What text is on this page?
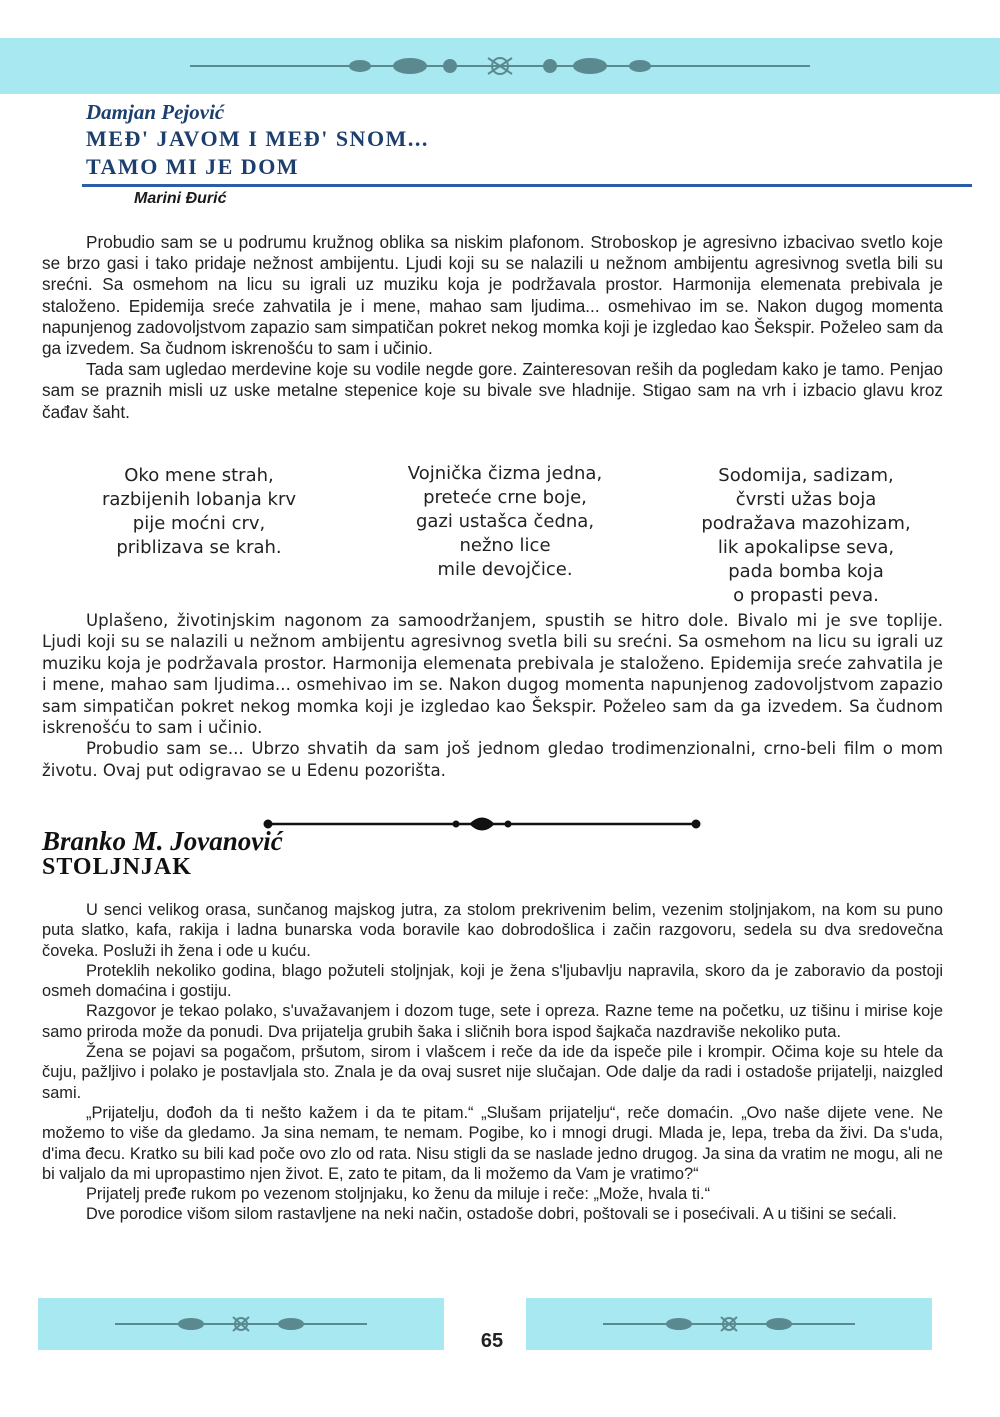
Damjan Pejović
MEĐ' JAVOM I MEĐ' SNOM...
TAMO MI JE DOM

Marini Đurić

Probudio sam se u podrumu kružnog oblika sa niskim plafonom. Stroboskop je agresivno izbacivao svetlo koje se brzo gasi i tako pridaje nežnost ambijentu. Ljudi koji su se nalazili u nežnom ambijentu agresivnog svetla bili su srećni. Sa osmehom na licu su igrali uz muziku koja je podržavala prostor. Harmonija elemenata prebivala je staloženo. Epidemija sreće zahvatila je i mene, mahao sam ljudima... osmehivao im se. Nakon dugog momenta napunjenog zadovoljstvom zapazio sam simpatičan pokret nekog momka koji je izgledao kao Šekspir. Poželeo sam da ga izvedem. Sa čudnom iskrenošću to sam i učinio.

Tada sam ugledao merdevine koje su vodile negde gore. Zainteresovan reših da pogledam kako je tamo. Penjao sam se praznih misli uz uske metalne stepenice koje su bivale sve hladnije. Stigao sam na vrh i izbacio glavu kroz čađav šaht.

Oko mene strah,
razbijenih lobanja krv
pije moćni crv,
priblizava se krah.
Vojnička čizma jedna,
preteće crne boje,
gazi ustašca čedna,
nežno lice
mile devojčice.
Sodomija, sadizam,
čvrsti užas boja
podražava mazohizam,
lik apokalipse seva,
pada bomba koja
o propasti peva.

Uplašeno, životinjskim nagonom za samoodržanjem, spustih se hitro dole. Bivalo mi je sve toplije. Ljudi koji su se nalazili u nežnom ambijentu agresivnog svetla bili su srećni. Sa osmehom na licu su igrali uz muziku koja je podržavala prostor. Harmonija elemenata prebivala je staloženo. Epidemija sreće zahvatila je i mene, mahao sam ljudima... osmehivao im se. Nakon dugog momenta napunjenog zadovoljstvom zapazio sam simpatičan pokret nekog momka koji je izgledao kao Šekspir. Poželeo sam da ga izvedem. Sa čudnom iskrenošću to sam i učinio.

Probudio sam se... Ubrzo shvatih da sam još jednom gledao trodimenzionalni, crno-beli film o mom životu. Ovaj put odigravao se u Edenu pozorišta.

Branko M. Jovanović
STOLJNJAK

U senci velikog orasa, sunčanog majskog jutra, za stolom prekrivenim belim, vezenim stoljnjakom, na kom su puno puta slatko, kafa, rakija i ladna bunarska voda boravile kao dobrodošlica i začin razgovoru, sedela su dva sredovečna čoveka. Posluži ih žena i ode u kuću.

Proteklih nekoliko godina, blago požuteli stoljnjak, koji je žena s'ljubavlju napravila, skoro da je zaboravio da postoji osmeh domaćina i gostiju.

Razgovor je tekao polako, s'uvažavanjem i dozom tuge, sete i opreza. Razne teme na početku, uz tišinu i mirise koje samo priroda može da ponudi. Dva prijatelja grubih šaka i sličnih bora ispod šajkača nazdraviše nekoliko puta.

Žena se pojavi sa pogačom, pršutom, sirom i vlašcem i reče da ide da ispeče pile i krompir. Očima koje su htele da čuju, pažljivo i polako je postavljala sto. Znala je da ovaj susret nije slučajan. Ode dalje da radi i ostadoše prijatelji, naizgled sami.

„Prijatelju, dođoh da ti nešto kažem i da te pitam.“ „Slušam prijatelju“, reče domaćin. „Ovo naše dijete vene. Ne možemo to više da gledamo. Ja sina nemam, te nemam. Pogibe, ko i mnogi drugi. Mlada je, lepa, treba da živi. Da s'uda, d'ima đecu. Kratko su bili kad poče ovo zlo od rata. Nisu stigli da se naslade jedno drugog. Ja sina da vratim ne mogu, ali ne bi valjalo da mi upropastimo njen život. E, zato te pitam, da li možemo da Vam je vratimo?“

Prijatelj pređe rukom po vezenom stoljnjaku, ko ženu da miluje i reče: „Može, hvala ti.“

Dve porodice višom silom rastavljene na neki način, ostadoše dobri, poštovali se i posećivali. A u tišini se sećali.

65
